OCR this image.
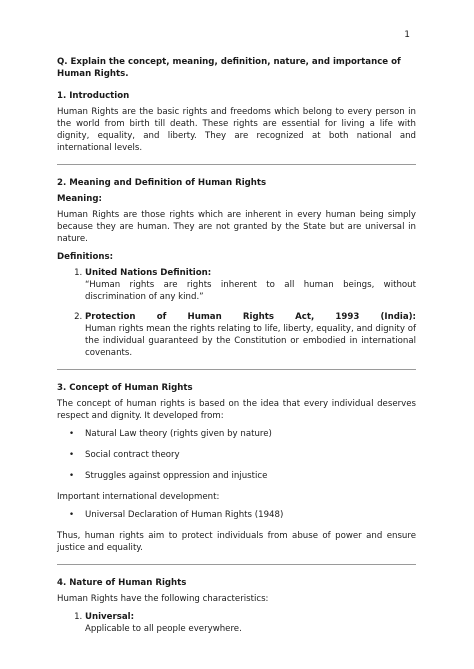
1
Q. Explain the concept, meaning, definition, nature, and importance of Human Rights.
1. Introduction
Human Rights are the basic rights and freedoms which belong to every person in the world from birth till death. These rights are essential for living a life with dignity, equality, and liberty. They are recognized at both national and international levels.
2. Meaning and Definition of Human Rights
Meaning:
Human Rights are those rights which are inherent in every human being simply because they are human. They are not granted by the State but are universal in nature.
Definitions:
1. United Nations Definition:
“Human rights are rights inherent to all human beings, without discrimination of any kind.”
2. Protection of Human Rights Act, 1993 (India):
Human rights mean the rights relating to life, liberty, equality, and dignity of the individual guaranteed by the Constitution or embodied in international covenants.
3. Concept of Human Rights
The concept of human rights is based on the idea that every individual deserves respect and dignity. It developed from:
• Natural Law theory (rights given by nature)
• Social contract theory
• Struggles against oppression and injustice
Important international development:
• Universal Declaration of Human Rights (1948)
Thus, human rights aim to protect individuals from abuse of power and ensure justice and equality.
4. Nature of Human Rights
Human Rights have the following characteristics:
1. Universal:
Applicable to all people everywhere.
